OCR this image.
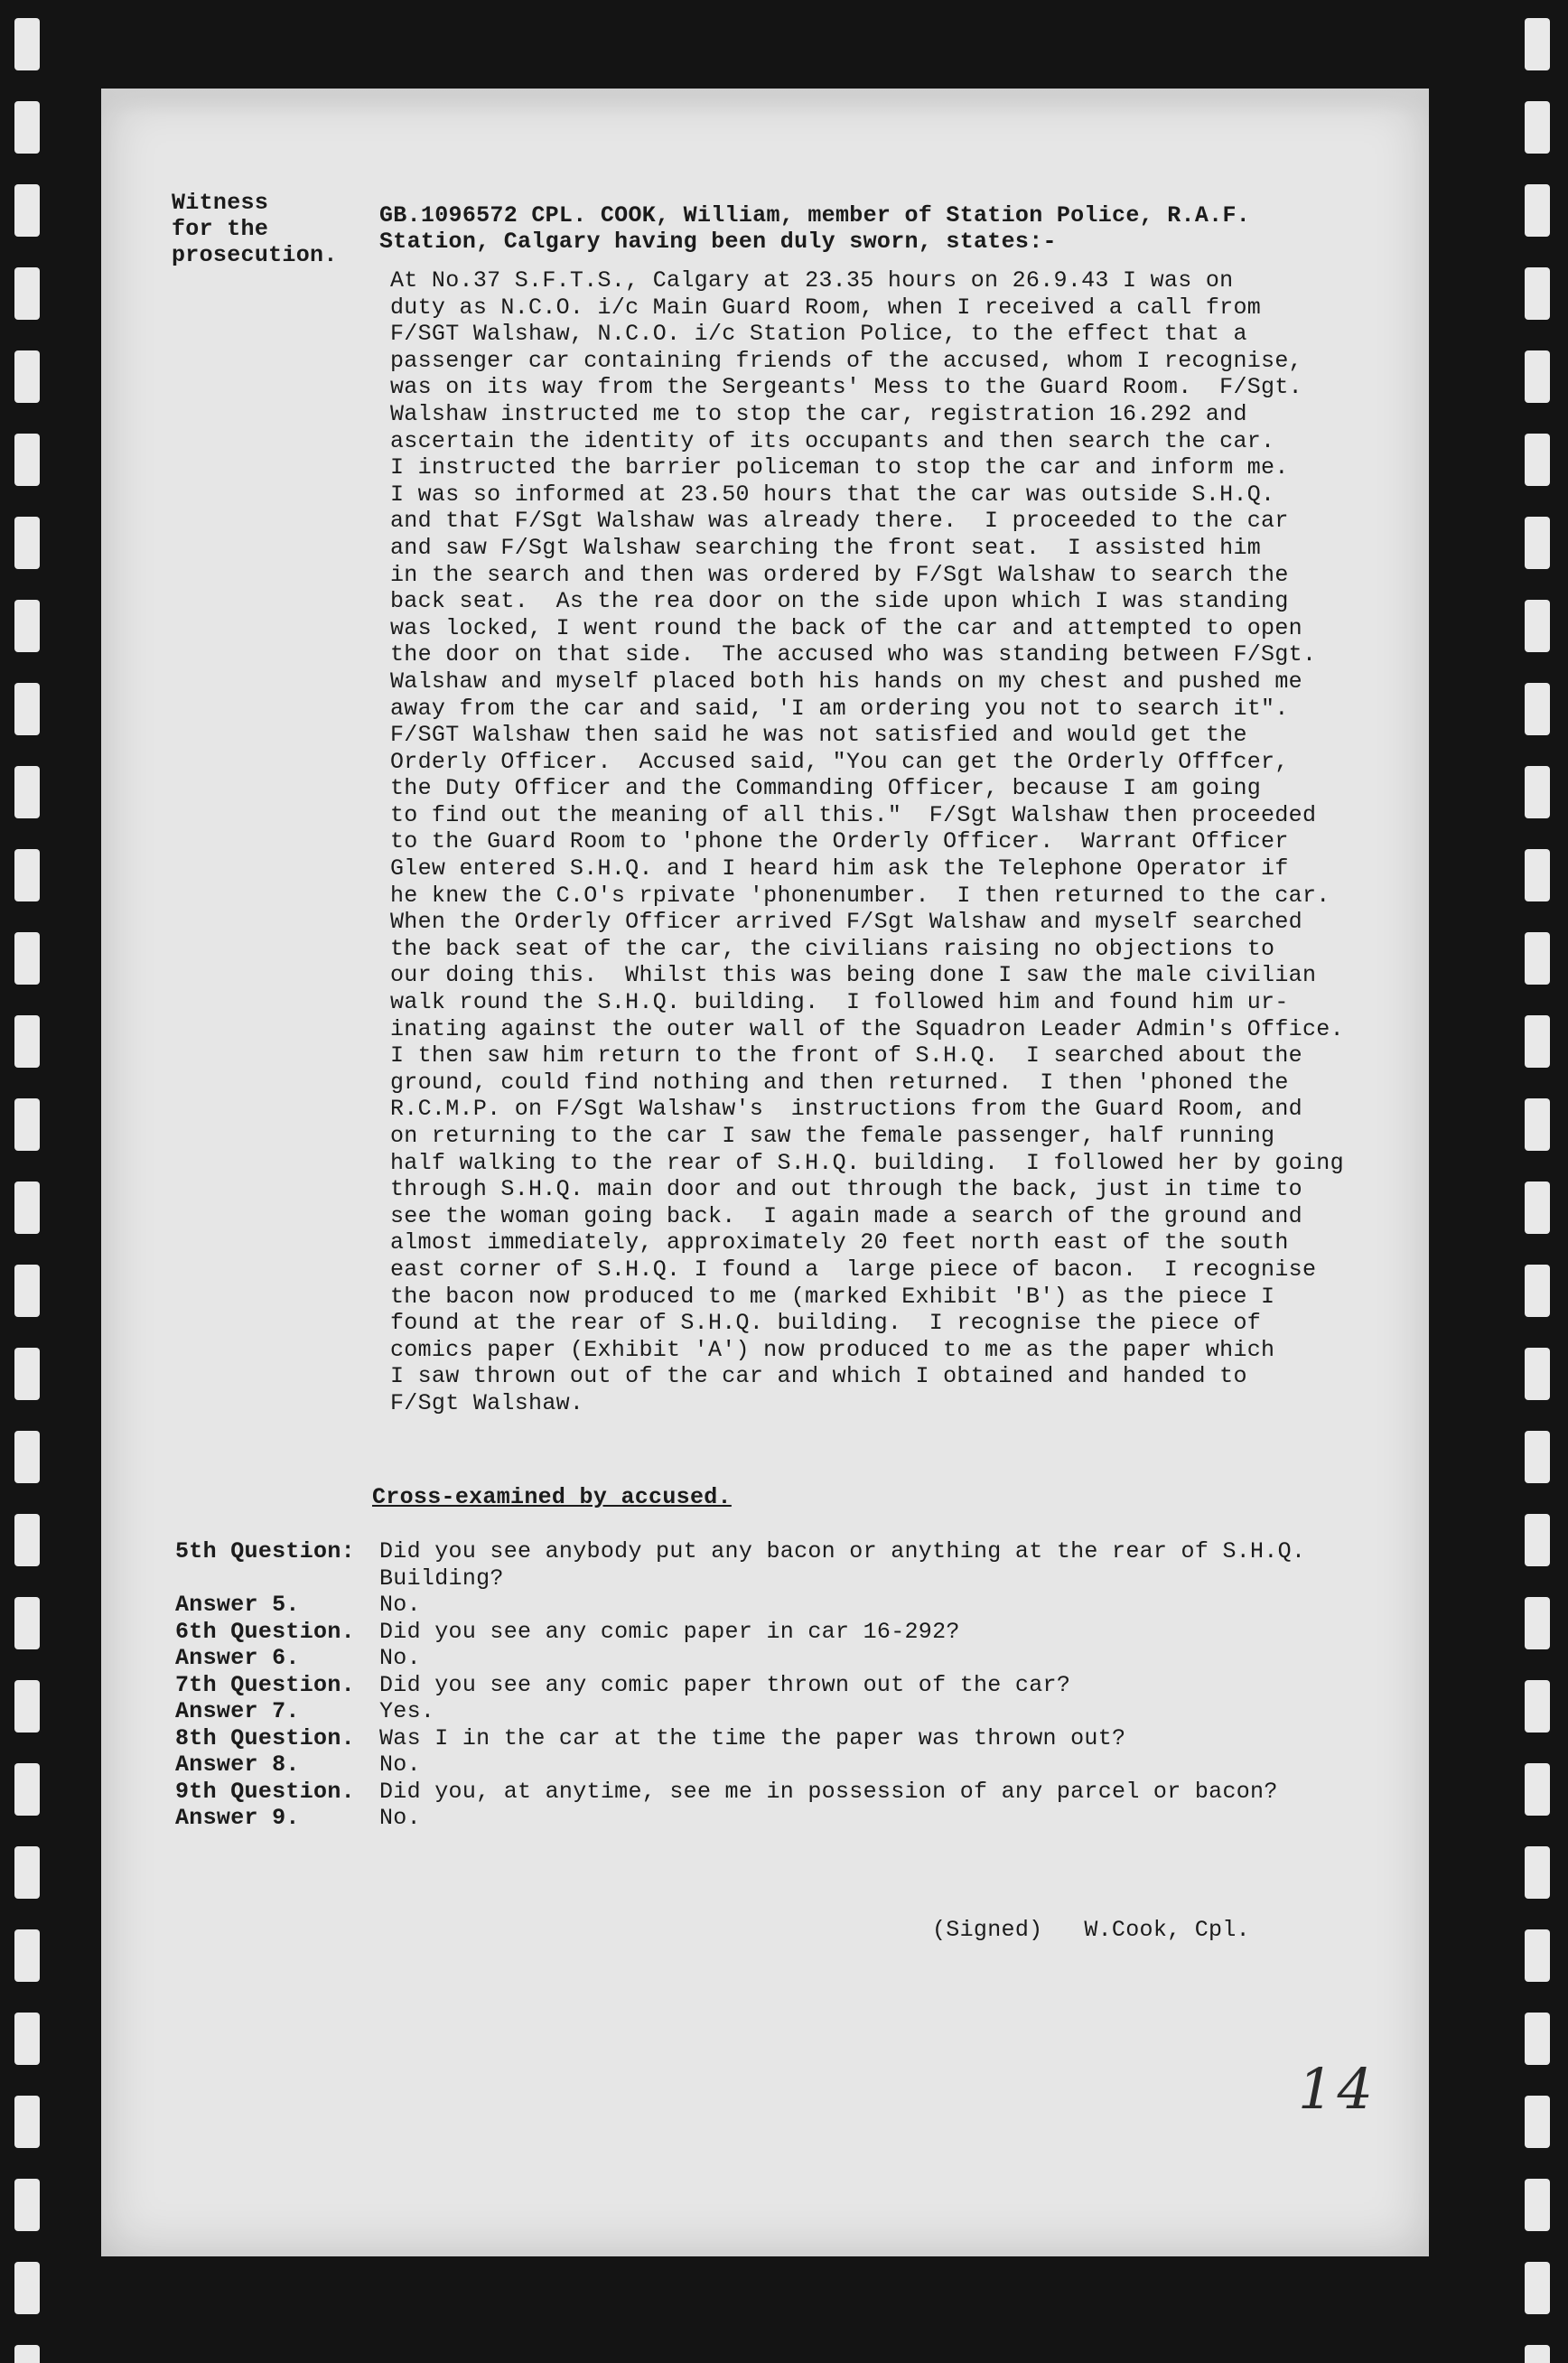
Witness
for the
prosecution.
GB.1096572 CPL. COOK, William, member of Station Police, R.A.F.
Station, Calgary having been duly sworn, states:-
At No.37 S.F.T.S., Calgary at 23.35 hours on 26.9.43 I was on
duty as N.C.O. i/c Main Guard Room, when I received a call from
F/SGT Walshaw, N.C.O. i/c Station Police, to the effect that a
passenger car containing friends of the accused, whom I recognise,
was on its way from the Sergeants' Mess to the Guard Room.  F/Sgt.
Walshaw instructed me to stop the car, registration 16.292 and
ascertain the identity of its occupants and then search the car.
I instructed the barrier policeman to stop the car and inform me.
I was so informed at 23.50 hours that the car was outside S.H.Q.
and that F/Sgt Walshaw was already there.  I proceeded to the car
and saw F/Sgt Walshaw searching the front seat.  I assisted him
in the search and then was ordered by F/Sgt Walshaw to search the
back seat.  As the rea door on the side upon which I was standing
was locked, I went round the back of the car and attempted to open
the door on that side.  The accused who was standing between F/Sgt.
Walshaw and myself placed both his hands on my chest and pushed me
away from the car and said, 'I am ordering you not to search it".
F/SGT Walshaw then said he was not satisfied and would get the
Orderly Officer.  Accused said, "You can get the Orderly Offfcer,
the Duty Officer and the Commanding Officer, because I am going
to find out the meaning of all this."  F/Sgt Walshaw then proceeded
to the Guard Room to 'phone the Orderly Officer.  Warrant Officer
Glew entered S.H.Q. and I heard him ask the Telephone Operator if
he knew the C.O's rpivate 'phonenumber.  I then returned to the car.
When the Orderly Officer arrived F/Sgt Walshaw and myself searched
the back seat of the car, the civilians raising no objections to
our doing this.  Whilst this was being done I saw the male civilian
walk round the S.H.Q. building.  I followed him and found him ur-
inating against the outer wall of the Squadron Leader Admin's Office.
I then saw him return to the front of S.H.Q.  I searched about the
ground, could find nothing and then returned.  I then 'phoned the
R.C.M.P. on F/Sgt Walshaw's  instructions from the Guard Room, and
on returning to the car I saw the female passenger, half running
half walking to the rear of S.H.Q. building.  I followed her by going
through S.H.Q. main door and out through the back, just in time to
see the woman going back.  I again made a search of the ground and
almost immediately, approximately 20 feet north east of the south
east corner of S.H.Q. I found a  large piece of bacon.  I recognise
the bacon now produced to me (marked Exhibit 'B') as the piece I
found at the rear of S.H.Q. building.  I recognise the piece of
comics paper (Exhibit 'A') now produced to me as the paper which
I saw thrown out of the car and which I obtained and handed to
F/Sgt Walshaw.
Cross-examined by accused.
5th Question:	Did you see anybody put any bacon or anything at the rear of S.H.Q.
Building?
Answer 5.	No.
6th Question.	Did you see any comic paper in car 16-292?
Answer 6.	No.
7th Question.	Did you see any comic paper thrown out of the car?
Answer 7.	Yes.
8th Question.	Was I in the car at the time the paper was thrown out?
Answer 8.	No.
9th Question.	Did you, at anytime, see me in possession of any parcel or bacon?
Answer 9.	No.
(Signed)   W.Cook, Cpl.
14
